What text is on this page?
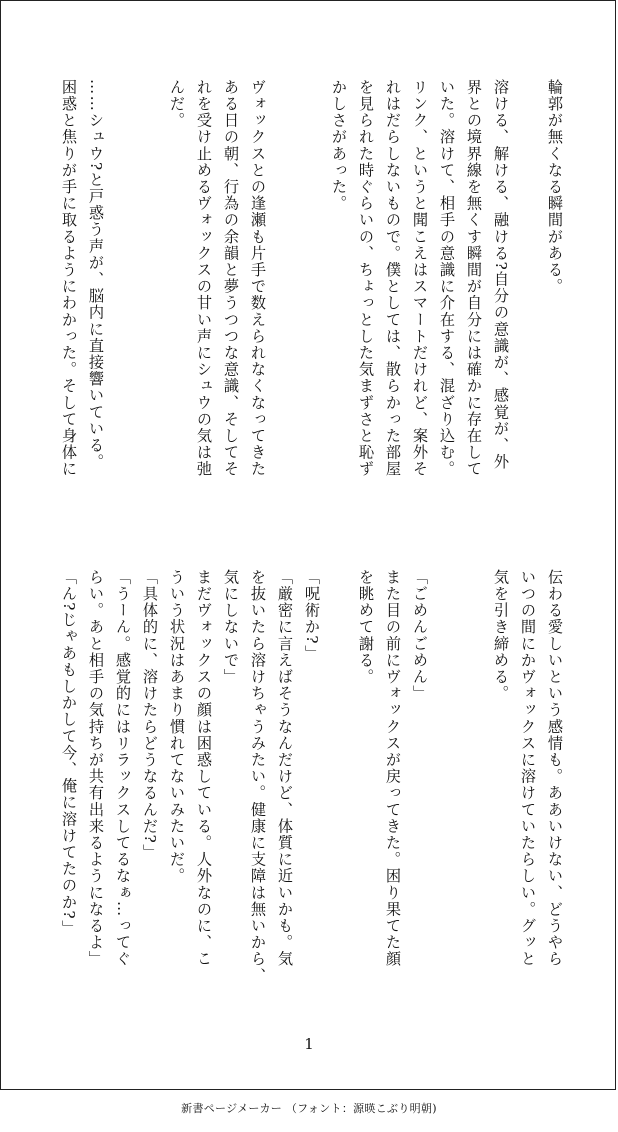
輪郭が無くなる瞬間がある。

溶ける、解ける、融ける?自分の意識が、感覚が、外
界との境界線を無くす瞬間が自分には確かに存在して
いた。溶けて、相手の意識に介在する、混ざり込む。
リンク、というと聞こえはスマートだけれど、案外そ
れはだらしないもので。僕としては、散らかった部屋
を見られた時ぐらいの、ちょっとした気まずさと恥ず
かしさがあった。

ヴォックスとの逢瀬も片手で数えられなくなってきた
ある日の朝、行為の余韻と夢うつつな意識、そしてそ
れを受け止めるヴォックスの甘い声にシュウの気は弛
んだ。

……シュウ?と戸惑う声が、脳内に直接響いている。
困惑と焦りが手に取るようにわかった。そして身体に
伝わる愛しいという感情も。ああいけない、どうやら
いつの間にかヴォックスに溶けていたらしい。グッと
気を引き締める。

「ごめんごめん」
また目の前にヴォックスが戻ってきた。困り果てた顔
を眺めて謝る。

「呪術か?」
「厳密に言えばそうなんだけど、体質に近いかも。気
を抜いたら溶けちゃうみたい。健康に支障は無いから、
気にしないで」
まだヴォックスの顔は困惑している。人外なのに、こ
ういう状況はあまり慣れてないみたいだ。
「具体的に、溶けたらどうなるんだ?」
「うーん。感覚的にはリラックスしてるなぁ…ってぐ
らい。あと相手の気持ちが共有出来るようになるよ」
「ん?じゃあもしかして今、俺に溶けてたのか?」
1
新書ページメーカー （フォント：源暎こぶり明朝)
